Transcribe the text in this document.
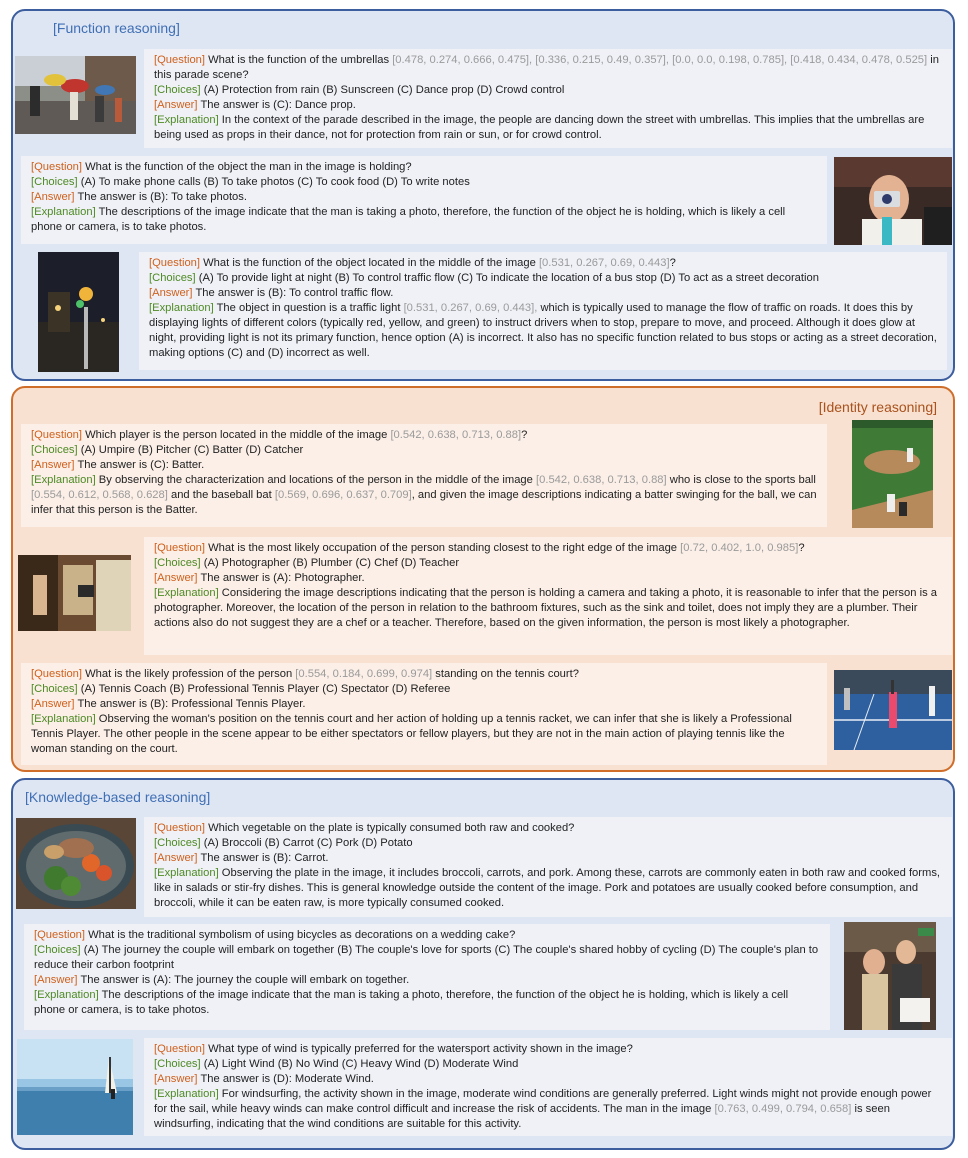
[Function reasoning]
[Question] What is the function of the umbrellas [0.478, 0.274, 0.666, 0.475], [0.336, 0.215, 0.49, 0.357], [0.0, 0.0, 0.198, 0.785], [0.418, 0.434, 0.478, 0.525] in this parade scene?
[Choices] (A) Protection from rain (B) Sunscreen (C) Dance prop (D) Crowd control
[Answer] The answer is (C): Dance prop.
[Explanation] In the context of the parade described in the image, the people are dancing down the street with umbrellas. This implies that the umbrellas are being used as props in their dance, not for protection from rain or sun, or for crowd control.
[Question] What is the function of the object the man in the image is holding?
[Choices] (A) To make phone calls (B) To take photos (C) To cook food (D) To write notes
[Answer] The answer is (B): To take photos.
[Explanation] The descriptions of the image indicate that the man is taking a photo, therefore, the function of the object he is holding, which is likely a cell phone or camera, is to take photos.
[Question] What is the function of the object located in the middle of the image [0.531, 0.267, 0.69, 0.443]?
[Choices] (A) To provide light at night (B) To control traffic flow (C) To indicate the location of a bus stop (D) To act as a street decoration
[Answer] The answer is (B): To control traffic flow.
[Explanation] The object in question is a traffic light [0.531, 0.267, 0.69, 0.443], which is typically used to manage the flow of traffic on roads. It does this by displaying lights of different colors (typically red, yellow, and green) to instruct drivers when to stop, prepare to move, and proceed. Although it does glow at night, providing light is not its primary function, hence option (A) is incorrect. It also has no specific function related to bus stops or acting as a street decoration, making options (C) and (D) incorrect as well.
[Identity reasoning]
[Question] Which player is the person located in the middle of the image [0.542, 0.638, 0.713, 0.88]?
[Choices] (A) Umpire (B) Pitcher (C) Batter (D) Catcher
[Answer] The answer is (C): Batter.
[Explanation] By observing the characterization and locations of the person in the middle of the image [0.542, 0.638, 0.713, 0.88] who is close to the sports ball [0.554, 0.612, 0.568, 0.628] and the baseball bat [0.569, 0.696, 0.637, 0.709], and given the image descriptions indicating a batter swinging for the ball, we can infer that this person is the Batter.
[Question] What is the most likely occupation of the person standing closest to the right edge of the image [0.72, 0.402, 1.0, 0.985]?
[Choices] (A) Photographer (B) Plumber (C) Chef (D) Teacher
[Answer] The answer is (A): Photographer.
[Explanation] Considering the image descriptions indicating that the person is holding a camera and taking a photo, it is reasonable to infer that the person is a photographer. Moreover, the location of the person in relation to the bathroom fixtures, such as the sink and toilet, does not imply they are a plumber. Their actions also do not suggest they are a chef or a teacher. Therefore, based on the given information, the person is most likely a photographer.
[Question] What is the likely profession of the person [0.554, 0.184, 0.699, 0.974] standing on the tennis court?
[Choices] (A) Tennis Coach (B) Professional Tennis Player (C) Spectator (D) Referee
[Answer] The answer is (B): Professional Tennis Player.
[Explanation] Observing the woman's position on the tennis court and her action of holding up a tennis racket, we can infer that she is likely a Professional Tennis Player. The other people in the scene appear to be either spectators or fellow players, but they are not in the main action of playing tennis like the woman standing on the court.
[Knowledge-based reasoning]
[Question] Which vegetable on the plate is typically consumed both raw and cooked?
[Choices] (A) Broccoli (B) Carrot (C) Pork (D) Potato
[Answer] The answer is (B): Carrot.
[Explanation] Observing the plate in the image, it includes broccoli, carrots, and pork. Among these, carrots are commonly eaten in both raw and cooked forms, like in salads or stir-fry dishes. This is general knowledge outside the content of the image. Pork and potatoes are usually cooked before consumption, and broccoli, while it can be eaten raw, is more typically consumed cooked.
[Question] What is the traditional symbolism of using bicycles as decorations on a wedding cake?
[Choices] (A) The journey the couple will embark on together (B) The couple's love for sports (C) The couple's shared hobby of cycling (D) The couple's plan to reduce their carbon footprint
[Answer] The answer is (A): The journey the couple will embark on together.
[Explanation] The descriptions of the image indicate that the man is taking a photo, therefore, the function of the object he is holding, which is likely a cell phone or camera, is to take photos.
[Question] What type of wind is typically preferred for the watersport activity shown in the image?
[Choices] (A) Light Wind (B) No Wind (C) Heavy Wind (D) Moderate Wind
[Answer] The answer is (D): Moderate Wind.
[Explanation] For windsurfing, the activity shown in the image, moderate wind conditions are generally preferred. Light winds might not provide enough power for the sail, while heavy winds can make control difficult and increase the risk of accidents. The man in the image [0.763, 0.499, 0.794, 0.658] is seen windsurfing, indicating that the wind conditions are suitable for this activity.
